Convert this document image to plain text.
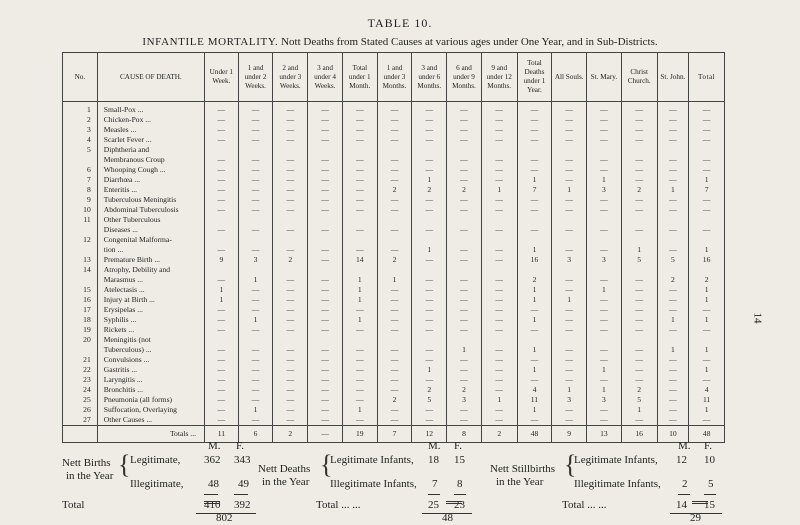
TABLE 10.
INFANTILE MORTALITY. Nott Deaths from Stated Causes at various ages under One Year, and in Sub-Districts.
No.	CAUSE OF DEATH.	Under 1 Week.	1 and under 2 Weeks.	2 and under 3 Weeks.	3 and under 4 Weeks.	Total under 1 Month.	1 and under 3 Months.	3 and under 6 Months.	6 and under 9 Months.	9 and under 12 Months.	Total Deaths under 1 Year.	All Souls.	St. Mary.	Christ Church.	St. John.	Total
1	Small-Pox ...	—	—	—	—	—	—	—	—	—	—	—	—	—	—	—
2	Chicken-Pox ...	—	—	—	—	—	—	—	—	—	—	—	—	—	—	—
3	Measles ...	—	—	—	—	—	—	—	—	—	—	—	—	—	—	—
4	Scarlet Fever ...	—	—	—	—	—	—	—	—	—	—	—	—	—	—	—
5	Diphtheria and															
	Membranous Croup	—	—	—	—	—	—	—	—	—	—	—	—	—	—	—
6	Whooping Cough ...	—	—	—	—	—	—	—	—	—	—	—	—	—	—	—
7	Diarrhœa ...	—	—	—	—	—	—	1	—	—	1	—	1	—	—	1
8	Enteritis ...	—	—	—	—	—	2	2	2	1	7	1	3	2	1	7
9	Tuberculous Meningitis	—	—	—	—	—	—	—	—	—	—	—	—	—	—	—
10	Abdominal Tuberculosis	—	—	—	—	—	—	—	—	—	—	—	—	—	—	—
11	Other Tuberculous															
	Diseases ...	—	—	—	—	—	—	—	—	—	—	—	—	—	—	—
12	Congenital Malforma-															
	tion ...	—	—	—	—	—	—	1	—	—	1	—	—	1	—	1
13	Premature Birth ...	9	3	2	—	14	2	—	—	—	16	3	3	5	5	16
14	Atrophy, Debility and															
	Marasmus ...	—	1	—	—	1	1	—	—	—	2	—	—	—	2	2
15	Atelectasis ...	1	—	—	—	1	—	—	—	—	1	—	1	—	—	1
16	Injury at Birth ...	1	—	—	—	1	—	—	—	—	1	1	—	—	—	1
17	Erysipelas ...	—	—	—	—	—	—	—	—	—	—	—	—	—	—	—
18	Syphilis ...	—	1	—	—	1	—	—	—	—	1	—	—	—	1	1
19	Rickets ...	—	—	—	—	—	—	—	—	—	—	—	—	—	—	—
20	Meningitis (not															
	Tuberculous) ...	—	—	—	—	—	—	—	1	—	1	—	—	—	1	1
21	Convulsions ...	—	—	—	—	—	—	—	—	—	—	—	—	—	—	—
22	Gastritis ...	—	—	—	—	—	—	1	—	—	1	—	1	—	—	1
23	Laryngitis ...	—	—	—	—	—	—	—	—	—	—	—	—	—	—	—
24	Bronchitis ...	—	—	—	—	—	—	2	2	—	4	1	1	2	—	4
25	Pneumonia (all forms)	—	—	—	—	—	2	5	3	1	11	3	3	5	—	11
26	Suffocation, Overlaying	—	1	—	—	1	—	—	—	—	1	—	—	1	—	1
27	Other Causes ...	—	—	—	—	—	—	—	—	—	—	—	—	—	—	—
	Totals ...	11	6	2	—	19	7	12	8	2	48	9	13	16	10	48
14
Nett Births
in the Year {
M. F.
Legitimate, 362 343
Illegitimate, 48 49
Total	410 392
802
Nett Deaths
in the Year
{
M. F.
Legitimate Infants, 18 15
Illegitimate Infants, 7 8
Total ... ...	25 23
48
Nett Stillbirths
in the Year
{
M. F.
Legitimate Infants, 12 10
Illegitimate Infants, 2 5
Total ... ...	14 15
29
